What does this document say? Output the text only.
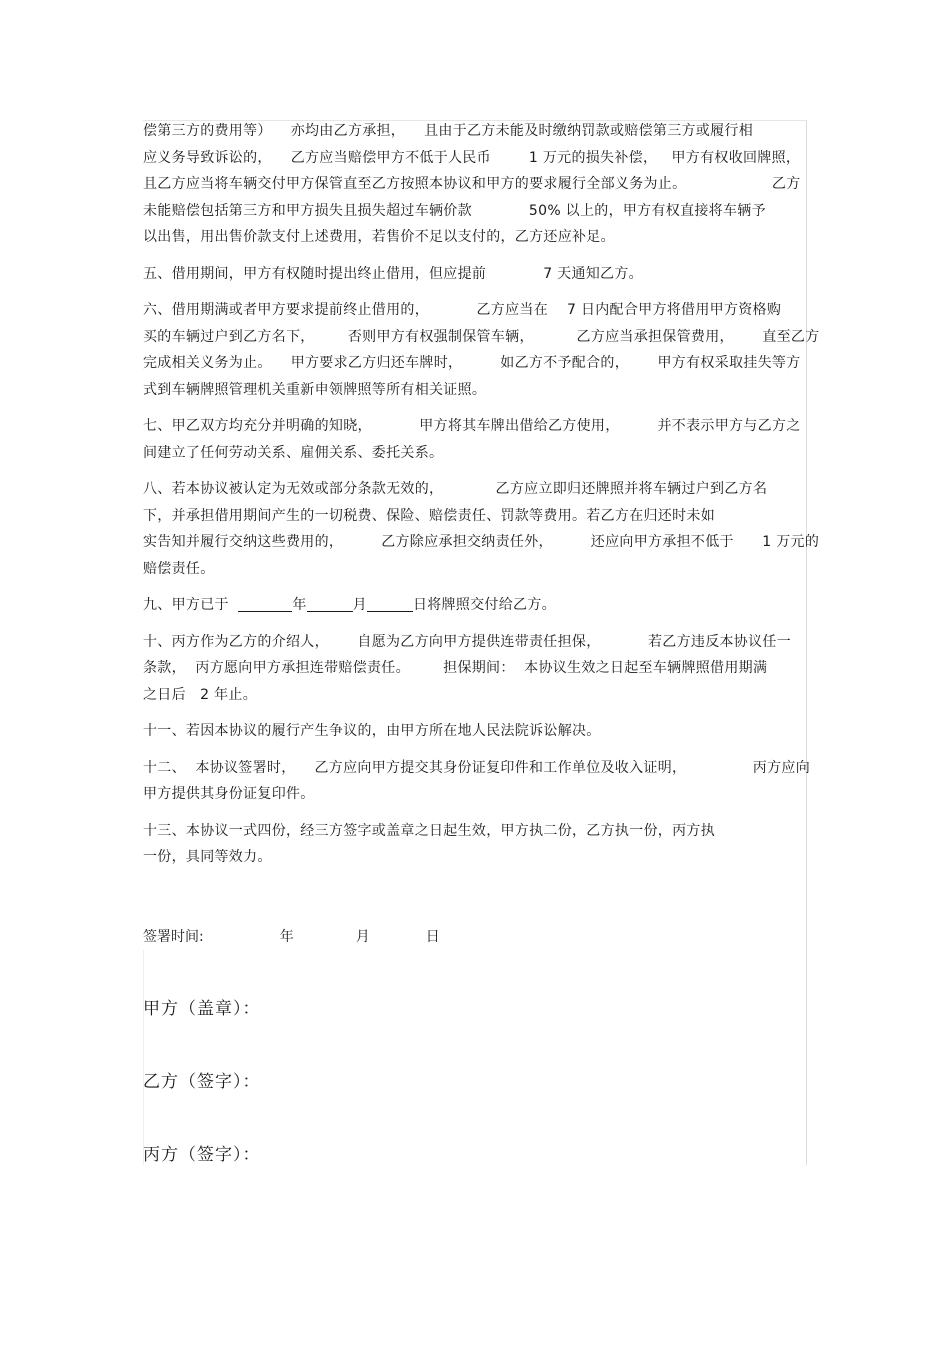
偿第三方的费用等）    亦均由乙方承担，    且由于乙方未能及时缴纳罚款或赔偿第三方或履行相
应义务导致诉讼的，    乙方应当赔偿甲方不低于人民币        1 万元的损失补偿，   甲方有权收回牌照，
且乙方应当将车辆交付甲方保管直至乙方按照本协议和甲方的要求履行全部义务为止。                  乙方
未能赔偿包括第三方和甲方损失且损失超过车辆价款            50% 以上的，甲方有权直接将车辆予
以出售，用出售价款支付上述费用，若售价不足以支付的，乙方还应补足。
五、借用期间，甲方有权随时提出终止借用，但应提前            7 天通知乙方。
六、借用期满或者甲方要求提前终止借用的，          乙方应当在    7 日内配合甲方将借用甲方资格购
买的车辆过户到乙方名下，       否则甲方有权强制保管车辆，         乙方应当承担保管费用，      直至乙方
完成相关义务为止。    甲方要求乙方归还车牌时，        如乙方不予配合的，      甲方有权采取挂失等方
式到车辆牌照管理机关重新申领牌照等所有相关证照。
七、甲乙双方均充分并明确的知晓，          甲方将其车牌出借给乙方使用，        并不表示甲方与乙方之
间建立了任何劳动关系、雇佣关系、委托关系。
八、若本协议被认定为无效或部分条款无效的，           乙方应立即归还牌照并将车辆过户到乙方名
下，并承担借用期间产生的一切税费、保险、赔偿责任、罚款等费用。若乙方在归还时未如
实告知并履行交纳这些费用的，        乙方除应承担交纳责任外，        还应向甲方承担不低于      1 万元的
赔偿责任。
九、甲方已于	年	月	日将牌照交付给乙方。
十、丙方作为乙方的介绍人，      自愿为乙方向甲方提供连带责任担保，          若乙方违反本协议任一
条款，  丙方愿向甲方承担连带赔偿责任。       担保期间：  本协议生效之日起至车辆牌照借用期满
之日后   2 年止。
十一、若因本协议的履行产生争议的，由甲方所在地人民法院诉讼解决。
十二、  本协议签署时，    乙方应向甲方提交其身份证复印件和工作单位及收入证明，              丙方应向
甲方提供其身份证复印件。
十三、本协议一式四份，经三方签字或盖章之日起生效，甲方执二份，乙方执一份，丙方执
一份，具同等效力。
签署时间:	年	月	日
甲方（盖章）：
乙方（签字）：
丙方（签字）：
